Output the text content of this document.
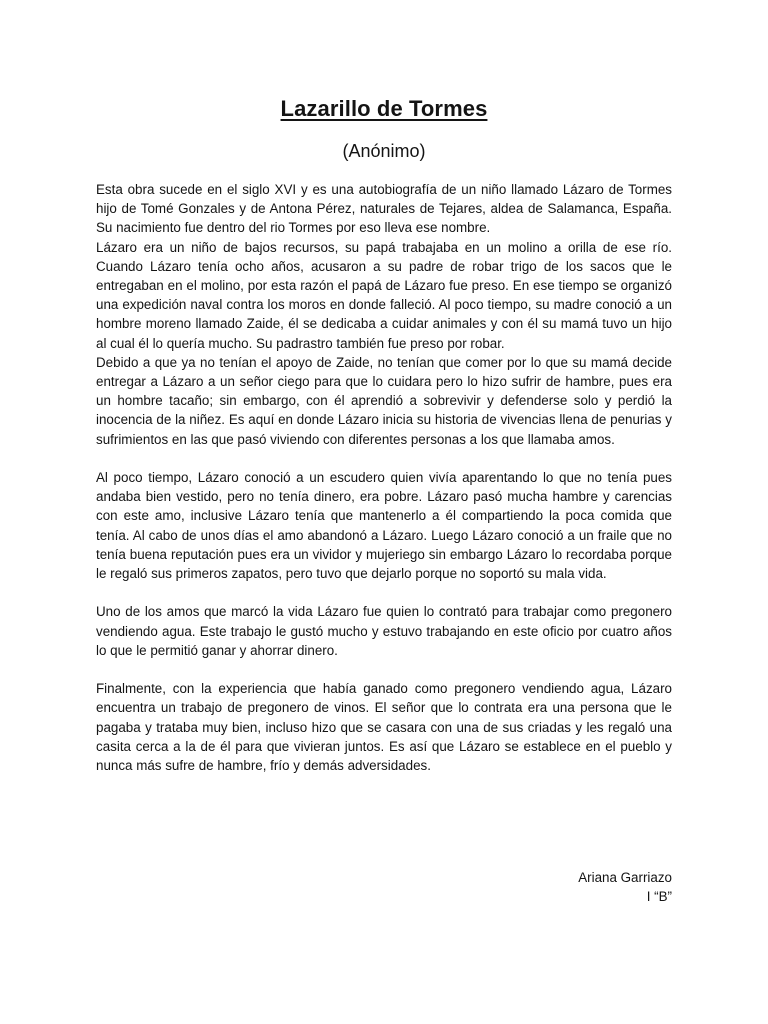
Lazarillo de Tormes
(Anónimo)

Esta obra sucede en el siglo XVI y es una autobiografía de un niño llamado Lázaro de Tormes hijo de Tomé Gonzales y de Antona Pérez, naturales de Tejares, aldea de Salamanca, España. Su nacimiento fue dentro del rio Tormes por eso lleva ese nombre.

Lázaro era un niño de bajos recursos, su papá trabajaba en un molino a orilla de ese río. Cuando Lázaro tenía ocho años, acusaron a su padre de robar trigo de los sacos que le entregaban en el molino, por esta razón el papá de Lázaro fue preso. En ese tiempo se organizó una expedición naval contra los moros en donde falleció. Al poco tiempo, su madre conoció a un hombre moreno llamado Zaide, él se dedicaba a cuidar animales y con él su mamá tuvo un hijo al cual él lo quería mucho. Su padrastro también fue preso por robar.

Debido a que ya no tenían el apoyo de Zaide, no tenían que comer por lo que su mamá decide entregar a Lázaro a un señor ciego para que lo cuidara pero lo hizo sufrir de hambre, pues era un hombre tacaño; sin embargo, con él aprendió a sobrevivir y defenderse solo y perdió la inocencia de la niñez. Es aquí en donde Lázaro inicia su historia de vivencias llena de penurias y sufrimientos en las que pasó viviendo con diferentes personas a los que llamaba amos.

Al poco tiempo, Lázaro conoció a un escudero quien vivía aparentando lo que no tenía pues andaba bien vestido, pero no tenía dinero, era pobre. Lázaro pasó mucha hambre y carencias con este amo, inclusive Lázaro tenía que mantenerlo a él compartiendo la poca comida que tenía. Al cabo de unos días el amo abandonó a Lázaro. Luego Lázaro conoció a un fraile que no tenía buena reputación pues era un vividor y mujeriego sin embargo Lázaro lo recordaba porque le regaló sus primeros zapatos, pero tuvo que dejarlo porque no soportó su mala vida.

Uno de los amos que marcó la vida Lázaro fue quien lo contrató para trabajar como pregonero vendiendo agua. Este trabajo le gustó mucho y estuvo trabajando en este oficio por cuatro años lo que le permitió ganar y ahorrar dinero.

Finalmente, con la experiencia que había ganado como pregonero vendiendo agua, Lázaro encuentra un trabajo de pregonero de vinos. El señor que lo contrata era una persona que le pagaba y trataba muy bien, incluso hizo que se casara con una de sus criadas y les regaló una casita cerca a la de él para que vivieran juntos. Es así que Lázaro se establece en el pueblo y nunca más sufre de hambre, frío y demás adversidades.

Ariana Garriazo
I “B”
